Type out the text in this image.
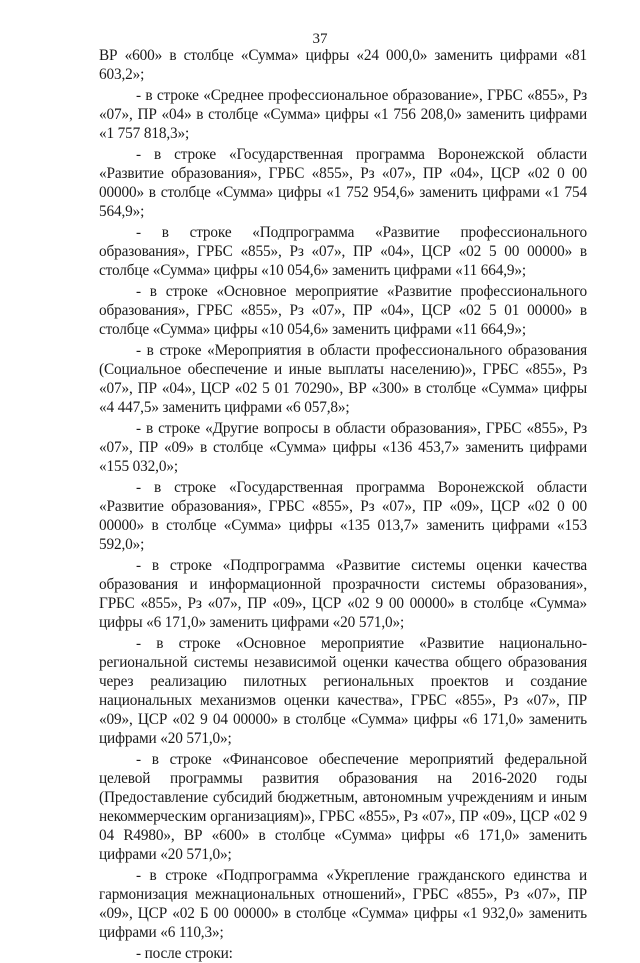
37

ВР «600» в столбце «Сумма» цифры «24 000,0» заменить цифрами «81 603,2»;

- в строке «Среднее профессиональное образование», ГРБС «855», Рз «07», ПР «04» в столбце «Сумма» цифры «1 756 208,0» заменить цифрами «1 757 818,3»;

- в строке «Государственная программа Воронежской области «Развитие образования», ГРБС «855», Рз «07», ПР «04», ЦСР «02 0 00 00000» в столбце «Сумма» цифры «1 752 954,6» заменить цифрами «1 754 564,9»;

- в строке «Подпрограмма «Развитие профессионального образования», ГРБС «855», Рз «07», ПР «04», ЦСР «02 5 00 00000» в столбце «Сумма» цифры «10 054,6» заменить цифрами «11 664,9»;

- в строке «Основное мероприятие «Развитие профессионального образования», ГРБС «855», Рз «07», ПР «04», ЦСР «02 5 01 00000» в столбце «Сумма» цифры «10 054,6» заменить цифрами «11 664,9»;

- в строке «Мероприятия в области профессионального образования (Социальное обеспечение и иные выплаты населению)», ГРБС «855», Рз «07», ПР «04», ЦСР «02 5 01 70290», ВР «300» в столбце «Сумма» цифры «4 447,5» заменить цифрами «6 057,8»;

- в строке «Другие вопросы в области образования», ГРБС «855», Рз «07», ПР «09» в столбце «Сумма» цифры «136 453,7» заменить цифрами «155 032,0»;

- в строке «Государственная программа Воронежской области «Развитие образования», ГРБС «855», Рз «07», ПР «09», ЦСР «02 0 00 00000» в столбце «Сумма» цифры «135 013,7» заменить цифрами «153 592,0»;

- в строке «Подпрограмма «Развитие системы оценки качества образования и информационной прозрачности системы образования», ГРБС «855», Рз «07», ПР «09», ЦСР «02 9 00 00000» в столбце «Сумма» цифры «6 171,0» заменить цифрами «20 571,0»;

- в строке «Основное мероприятие «Развитие национально-региональной системы независимой оценки качества общего образования через реализацию пилотных региональных проектов и создание национальных механизмов оценки качества», ГРБС «855», Рз «07», ПР «09», ЦСР «02 9 04 00000» в столбце «Сумма» цифры «6 171,0» заменить цифрами «20 571,0»;

- в строке «Финансовое обеспечение мероприятий федеральной целевой программы развития образования на 2016-2020 годы (Предоставление субсидий бюджетным, автономным учреждениям и иным некоммерческим организациям)», ГРБС «855», Рз «07», ПР «09», ЦСР «02 9 04 R4980», ВР «600» в столбце «Сумма» цифры «6 171,0» заменить цифрами «20 571,0»;

- в строке «Подпрограмма «Укрепление гражданского единства и гармонизация межнациональных отношений», ГРБС «855», Рз «07», ПР «09», ЦСР «02 Б 00 00000» в столбце «Сумма» цифры «1 932,0» заменить цифрами «6 110,3»;

- после строки:
